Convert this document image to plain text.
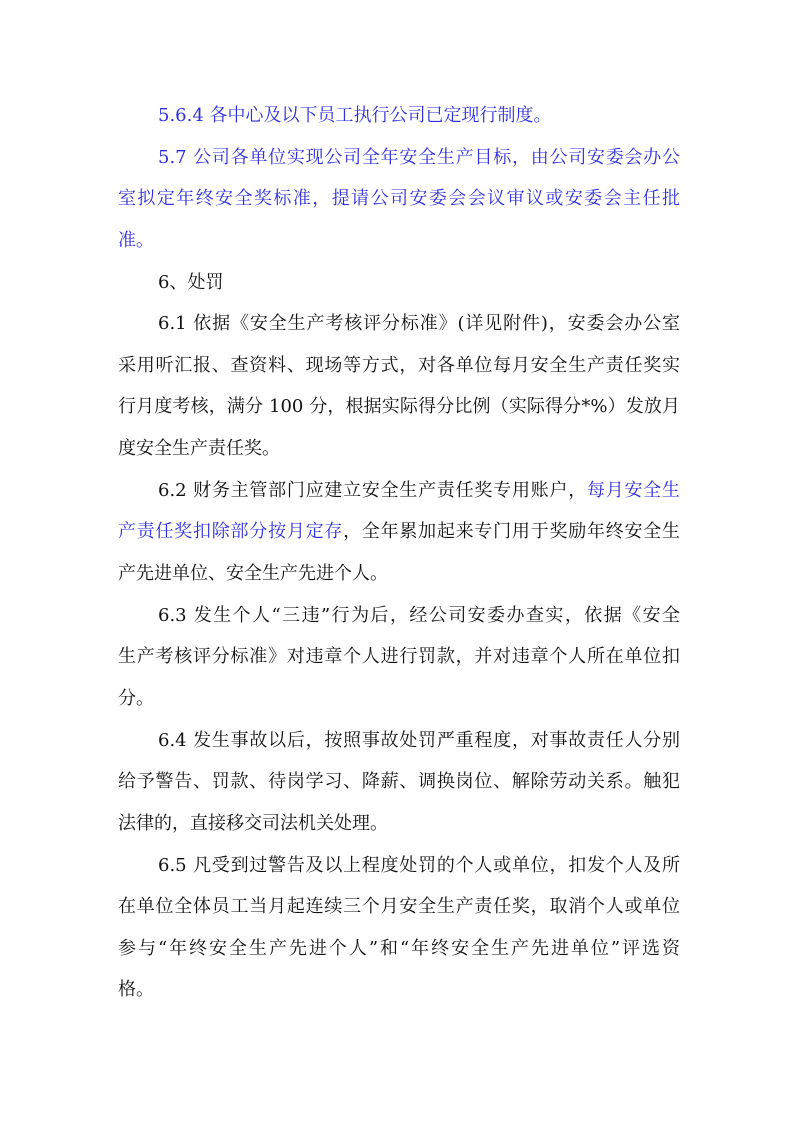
5.6.4 各中心及以下员工执行公司已定现行制度。
5.7 公司各单位实现公司全年安全生产目标，由公司安委会办公
室拟定年终安全奖标准，提请公司安委会会议审议或安委会主任批
准。
6、处罚
6.1 依据《安全生产考核评分标准》(详见附件)，安委会办公室
采用听汇报、查资料、现场等方式，对各单位每月安全生产责任奖实
行月度考核，满分 100 分，根据实际得分比例（实际得分*%）发放月
度安全生产责任奖。
6.2 财务主管部门应建立安全生产责任奖专用账户，每月安全生
产责任奖扣除部分按月定存，全年累加起来专门用于奖励年终安全生
产先进单位、安全生产先进个人。
6.3 发生个人“三违”行为后，经公司安委办查实，依据《安全
生产考核评分标准》对违章个人进行罚款，并对违章个人所在单位扣
分。
6.4 发生事故以后，按照事故处罚严重程度，对事故责任人分别
给予警告、罚款、待岗学习、降薪、调换岗位、解除劳动关系。触犯
法律的，直接移交司法机关处理。
6.5 凡受到过警告及以上程度处罚的个人或单位，扣发个人及所
在单位全体员工当月起连续三个月安全生产责任奖，取消个人或单位
参与“年终安全生产先进个人”和“年终安全生产先进单位”评选资
格。
